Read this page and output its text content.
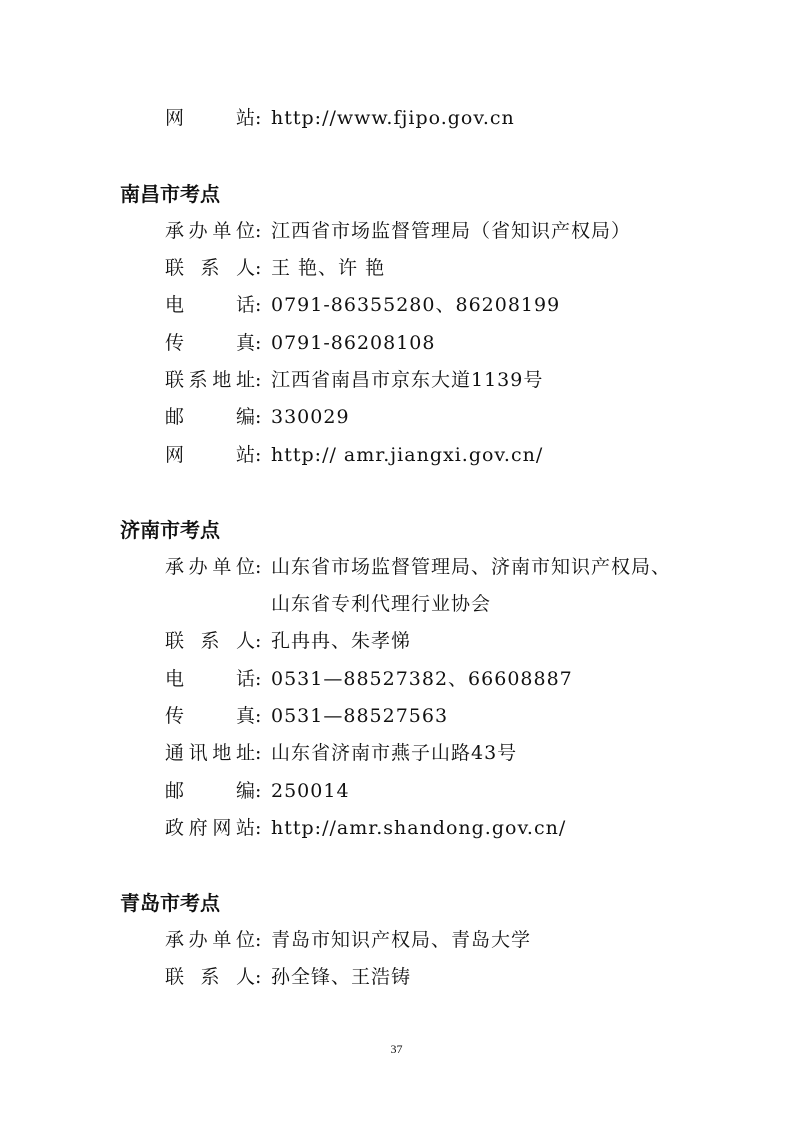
网 站: http://www.fjipo.gov.cn
南昌市考点
承办单位: 江西省市场监督管理局（省知识产权局）
联 系 人: 王 艳、许 艳
电 话: 0791-86355280、86208199
传 真: 0791-86208108
联系地址: 江西省南昌市京东大道1139号
邮 编: 330029
网 站: http:// amr.jiangxi.gov.cn/
济南市考点
承办单位: 山东省市场监督管理局、济南市知识产权局、
山东省专利代理行业协会
联 系 人: 孔冉冉、朱孝悌
电 话: 0531—88527382、66608887
传 真: 0531—88527563
通讯地址: 山东省济南市燕子山路43号
邮 编: 250014
政府网站: http://amr.shandong.gov.cn/
青岛市考点
承办单位: 青岛市知识产权局、青岛大学
联 系 人: 孙全锋、王浩铸
37
